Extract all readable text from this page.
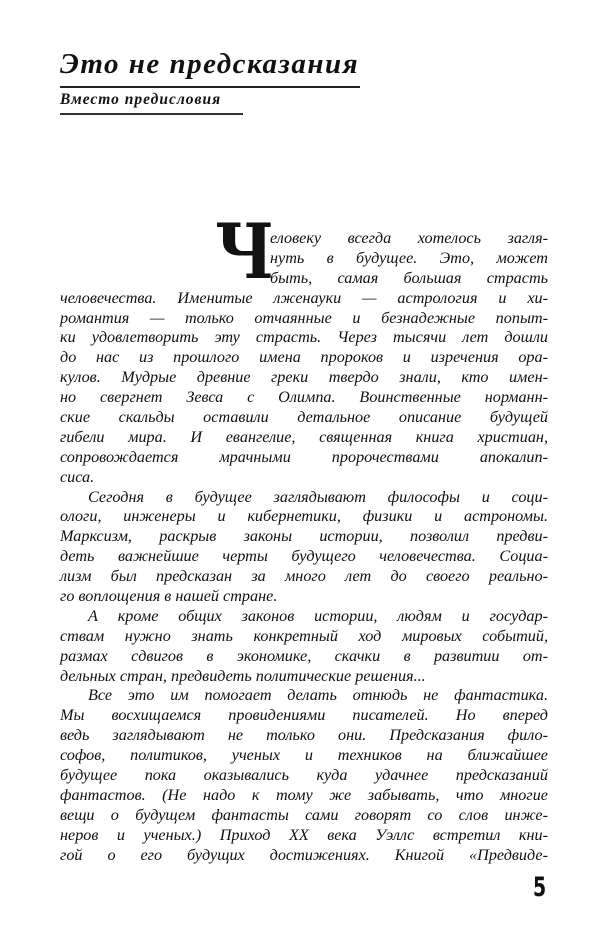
Это не предсказания
Вместо предисловия
Ч
еловеку всегда хотелось загля-
нуть в будущее. Это, может
быть, самая большая страсть
человечества. Именитые лженауки — астрология и хи-
романтия — только отчаянные и безнадежные попыт-
ки удовлетворить эту страсть. Через тысячи лет дошли
до нас из прошлого имена пророков и изречения ора-
кулов. Мудрые древние греки твердо знали, кто имен-
но свергнет Зевса с Олимпа. Воинственные норманн-
ские скальды оставили детальное описание будущей
гибели мира. И евангелие, священная книга христиан,
сопровождается мрачными пророчествами апокалип-
сиса.
Сегодня в будущее заглядывают философы и соци-
ологи, инженеры и кибернетики, физики и астрономы.
Марксизм, раскрыв законы истории, позволил предви-
деть важнейшие черты будущего человечества. Социа-
лизм был предсказан за много лет до своего реально-
го воплощения в нашей стране.
А кроме общих законов истории, людям и государ-
ствам нужно знать конкретный ход мировых событий,
размах сдвигов в экономике, скачки в развитии от-
дельных стран, предвидеть политические решения...
Все это им помогает делать отнюдь не фантастика.
Мы восхищаемся провидениями писателей. Но вперед
ведь заглядывают не только они. Предсказания фило-
софов, политиков, ученых и техников на ближайшее
будущее пока оказывались куда удачнее предсказаний
фантастов. (Не надо к тому же забывать, что многие
вещи о будущем фантасты сами говорят со слов инже-
неров и ученых.) Приход XX века Уэллс встретил кни-
гой о его будущих достижениях. Книгой «Предвиде-
5
